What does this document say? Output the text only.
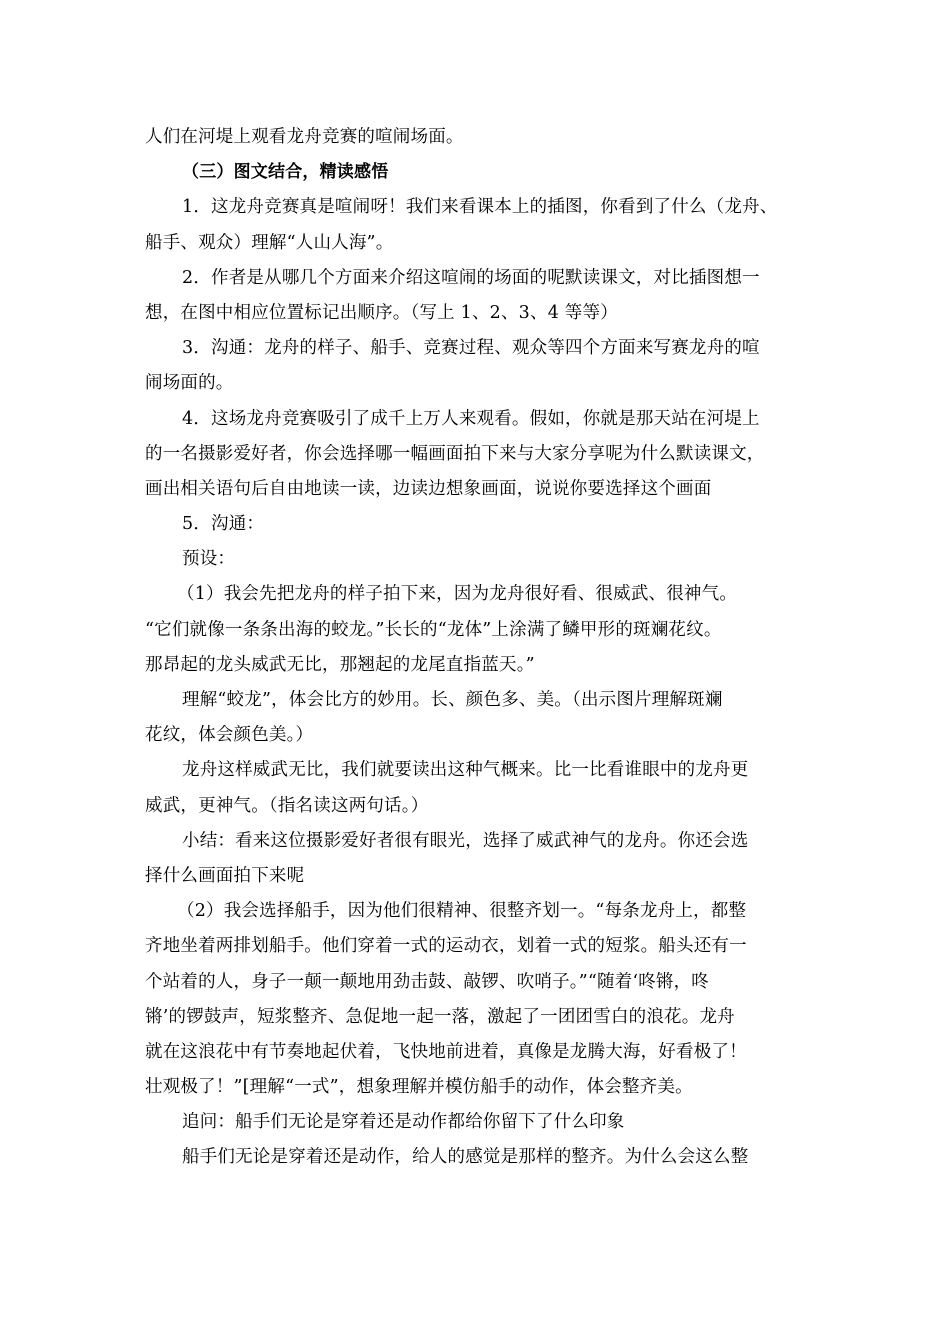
人们在河堤上观看龙舟竞赛的喧闹场面。
（三）图文结合，精读感悟
1．这龙舟竞赛真是喧闹呀！我们来看课本上的插图，你看到了什么（龙舟、
船手、观众）理解“人山人海”。
2．作者是从哪几个方面来介绍这喧闹的场面的呢默读课文，对比插图想一
想，在图中相应位置标记出顺序。（写上 1、2、3、4 等等）
3．沟通：龙舟的样子、船手、竞赛过程、观众等四个方面来写赛龙舟的喧
闹场面的。
4．这场龙舟竞赛吸引了成千上万人来观看。假如，你就是那天站在河堤上
的一名摄影爱好者，你会选择哪一幅画面拍下来与大家分享呢为什么默读课文，
画出相关语句后自由地读一读，边读边想象画面，说说你要选择这个画面
5．沟通：
预设：
（1）我会先把龙舟的样子拍下来，因为龙舟很好看、很威武、很神气。
“它们就像一条条出海的蛟龙。”长长的“龙体”上涂满了鳞甲形的斑斓花纹。
那昂起的龙头威武无比，那翘起的龙尾直指蓝天。”
理解“蛟龙”，体会比方的妙用。长、颜色多、美。（出示图片理解斑斓
花纹，体会颜色美。）
龙舟这样威武无比，我们就要读出这种气概来。比一比看谁眼中的龙舟更
威武，更神气。（指名读这两句话。）
小结：看来这位摄影爱好者很有眼光，选择了威武神气的龙舟。你还会选
择什么画面拍下来呢
（2）我会选择船手，因为他们很精神、很整齐划一。“每条龙舟上，都整
齐地坐着两排划船手。他们穿着一式的运动衣，划着一式的短浆。船头还有一
个站着的人，身子一颠一颠地用劲击鼓、敲锣、吹哨子。”“随着‘咚锵，咚
锵’的锣鼓声，短浆整齐、急促地一起一落，激起了一团团雪白的浪花。龙舟
就在这浪花中有节奏地起伏着，飞快地前进着，真像是龙腾大海，好看极了！
壮观极了！”[理解“一式”，想象理解并模仿船手的动作，体会整齐美。
追问：船手们无论是穿着还是动作都给你留下了什么印象
船手们无论是穿着还是动作，给人的感觉是那样的整齐。为什么会这么整
